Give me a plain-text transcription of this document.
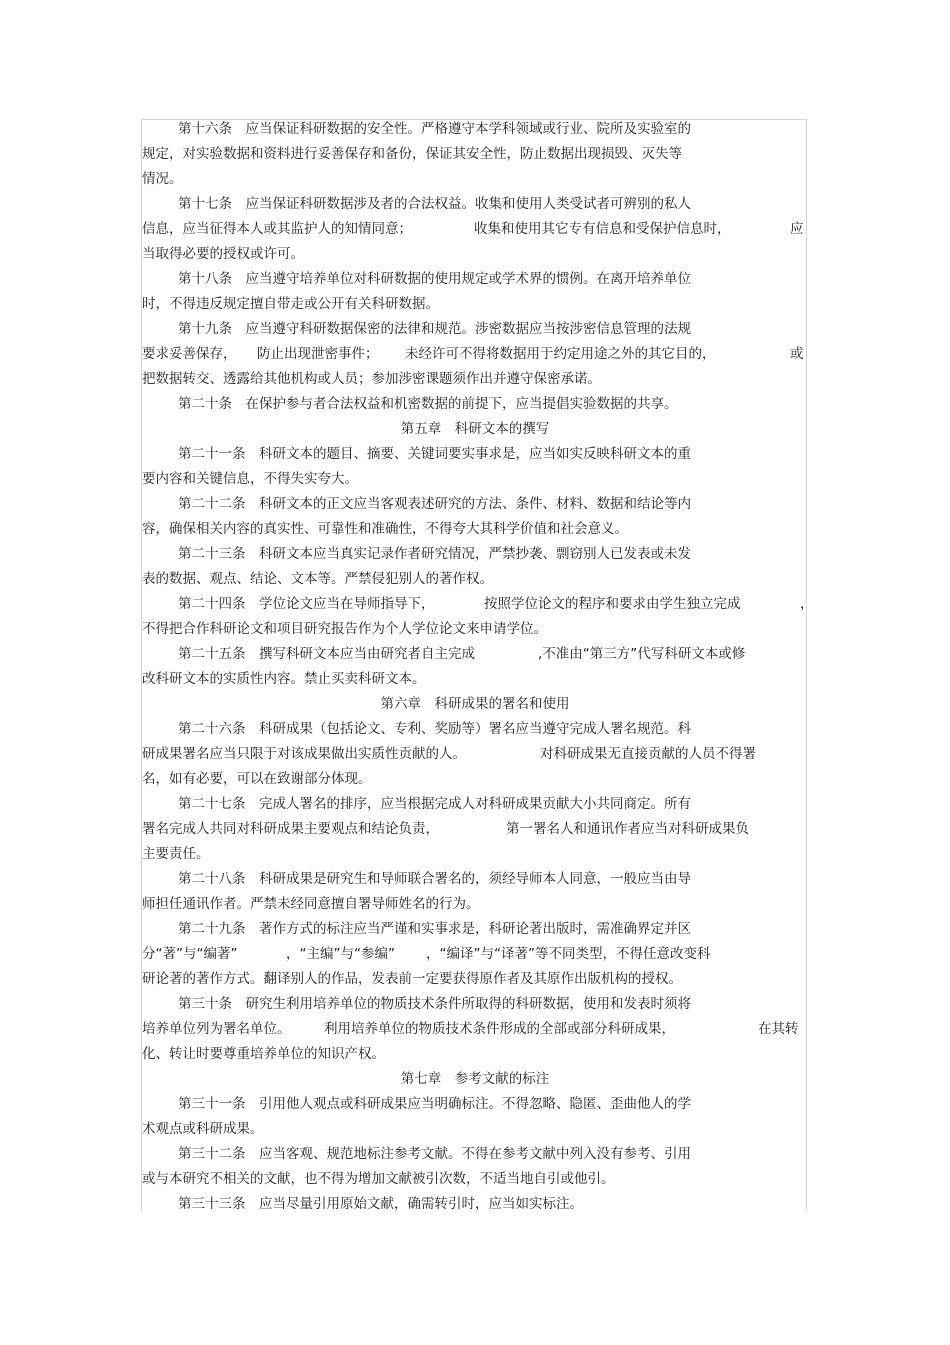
第十六条　应当保证科研数据的安全性。严格遵守本学科领域或行业、院所及实验室的
规定，对实验数据和资料进行妥善保存和备份，保证其安全性，防止数据出现损毁、灭失等
情况。
第十七条　应当保证科研数据涉及者的合法权益。收集和使用人类受试者可辨别的私人
信息，应当征得本人或其监护人的知情同意；	收集和使用其它专有信息和受保护信息时，	应
当取得必要的授权或许可。
第十八条　应当遵守培养单位对科研数据的使用规定或学术界的惯例。在离开培养单位
时，不得违反规定擅自带走或公开有关科研数据。
第十九条　应当遵守科研数据保密的法律和规范。涉密数据应当按涉密信息管理的法规
要求妥善保存， 防止出现泄密事件； 未经许可不得将数据用于约定用途之外的其它目的，	或
把数据转交、透露给其他机构或人员；参加涉密课题须作出并遵守保密承诺。
第二十条　在保护参与者合法权益和机密数据的前提下，应当提倡实验数据的共享。
第五章　科研文本的撰写
第二十一条　科研文本的题目、摘要、关键词要实事求是，应当如实反映科研文本的重
要内容和关键信息，不得失实夸大。
第二十二条　科研文本的正文应当客观表述研究的方法、条件、材料、数据和结论等内
容，确保相关内容的真实性、可靠性和准确性，不得夸大其科学价值和社会意义。
第二十三条　科研文本应当真实记录作者研究情况，严禁抄袭、剽窃别人已发表或未发
表的数据、观点、结论、文本等。严禁侵犯别人的著作权。
第二十四条　学位论文应当在导师指导下，	按照学位论文的程序和要求由学生独立完成	，
不得把合作科研论文和项目研究报告作为个人学位论文来申请学位。
第二十五条　撰写科研文本应当由研究者自主完成	,不准由“第三方”代写科研文本或修
改科研文本的实质性内容。禁止买卖科研文本。
第六章　科研成果的署名和使用
第二十六条　科研成果（包括论文、专利、奖励等）署名应当遵守完成人署名规范。科
研成果署名应当只限于对该成果做出实质性贡献的人。	对科研成果无直接贡献的人员不得署
名，如有必要，可以在致谢部分体现。
第二十七条　完成人署名的排序，应当根据完成人对科研成果贡献大小共同商定。所有
署名完成人共同对科研成果主要观点和结论负责，	第一署名人和通讯作者应当对科研成果负
主要责任。
第二十八条　科研成果是研究生和导师联合署名的，须经导师本人同意，一般应当由导
师担任通讯作者。严禁未经同意擅自署导师姓名的行为。
第二十九条　著作方式的标注应当严谨和实事求是，科研论著出版时，需准确界定并区
分“著”与“编著”	，“主编”与“参编” ，“编译”与“译著”等不同类型，不得任意改变科
研论著的著作方式。翻译别人的作品，发表前一定要获得原作者及其原作出版机构的授权。
第三十条　研究生利用培养单位的物质技术条件所取得的科研数据，使用和发表时须将
培养单位列为署名单位。 利用培养单位的物质技术条件形成的全部或部分科研成果，	在其转
化、转让时要尊重培养单位的知识产权。
第七章　参考文献的标注
第三十一条　引用他人观点或科研成果应当明确标注。不得忽略、隐匿、歪曲他人的学
术观点或科研成果。
第三十二条　应当客观、规范地标注参考文献。不得在参考文献中列入没有参考、引用
或与本研究不相关的文献，也不得为增加文献被引次数，不适当地自引或他引。
第三十三条　应当尽量引用原始文献，确需转引时，应当如实标注。
